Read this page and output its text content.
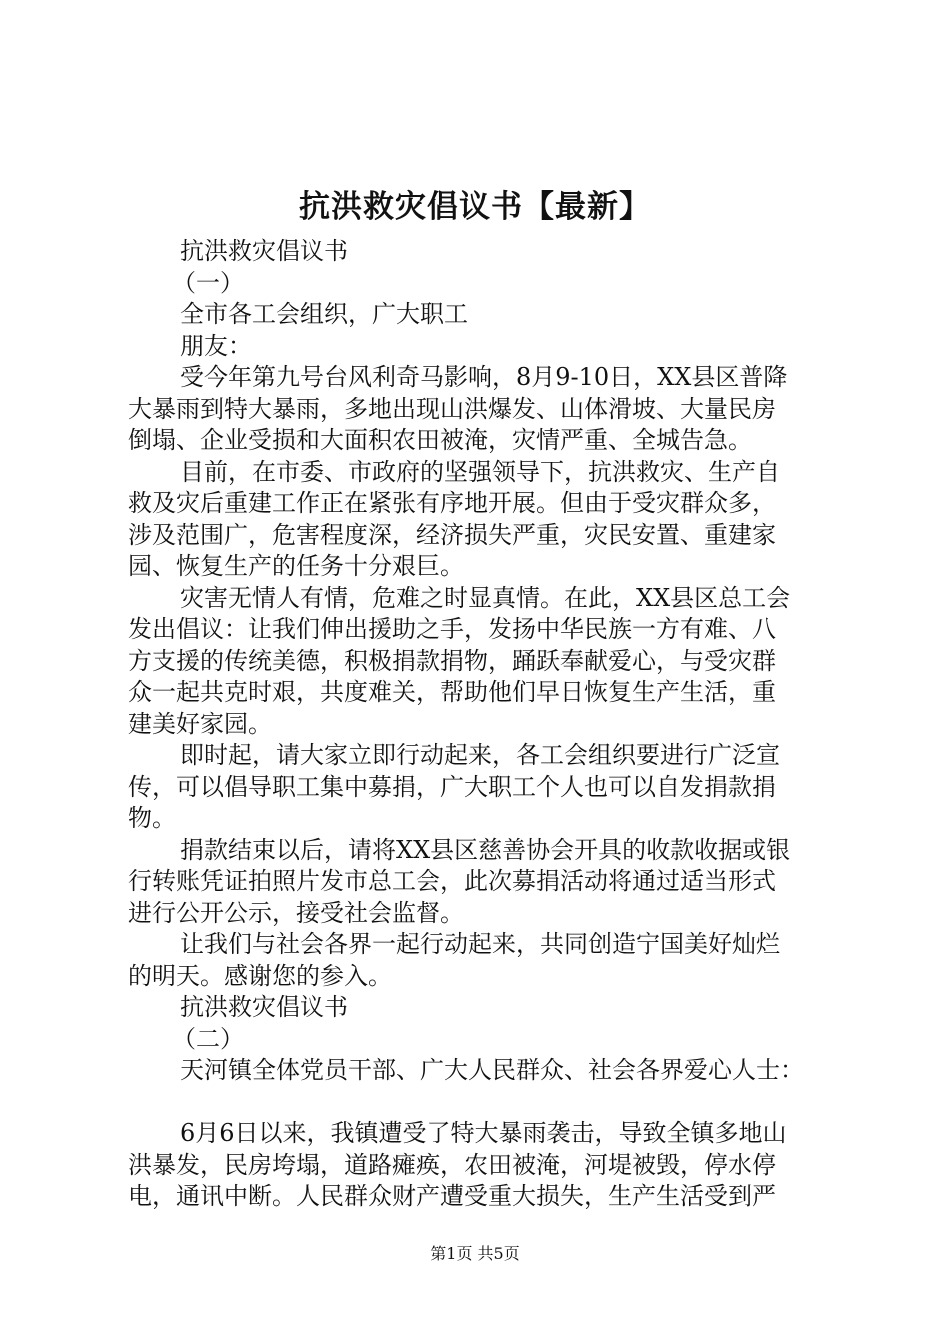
抗洪救灾倡议书【最新】
抗洪救灾倡议书
（一）
全市各工会组织，广大职工
朋友：
受今年第九号台风利奇马影响，8月9-10日，XX县区普降
大暴雨到特大暴雨，多地出现山洪爆发、山体滑坡、大量民房
倒塌、企业受损和大面积农田被淹，灾情严重、全城告急。
目前，在市委、市政府的坚强领导下，抗洪救灾、生产自
救及灾后重建工作正在紧张有序地开展。但由于受灾群众多，
涉及范围广，危害程度深，经济损失严重，灾民安置、重建家
园、恢复生产的任务十分艰巨。
灾害无情人有情，危难之时显真情。在此，XX县区总工会
发出倡议：让我们伸出援助之手，发扬中华民族一方有难、八
方支援的传统美德，积极捐款捐物，踊跃奉献爱心，与受灾群
众一起共克时艰，共度难关，帮助他们早日恢复生产生活，重
建美好家园。
即时起，请大家立即行动起来，各工会组织要进行广泛宣
传，可以倡导职工集中募捐，广大职工个人也可以自发捐款捐
物。
捐款结束以后，请将XX县区慈善协会开具的收款收据或银
行转账凭证拍照片发市总工会，此次募捐活动将通过适当形式
进行公开公示，接受社会监督。
让我们与社会各界一起行动起来，共同创造宁国美好灿烂
的明天。感谢您的参入。
抗洪救灾倡议书
（二）
天河镇全体党员干部、广大人民群众、社会各界爱心人士：
6月6日以来，我镇遭受了特大暴雨袭击，导致全镇多地山
洪暴发，民房垮塌，道路瘫痪，农田被淹，河堤被毁，停水停
电，通讯中断。人民群众财产遭受重大损失，生产生活受到严
第1页 共5页
